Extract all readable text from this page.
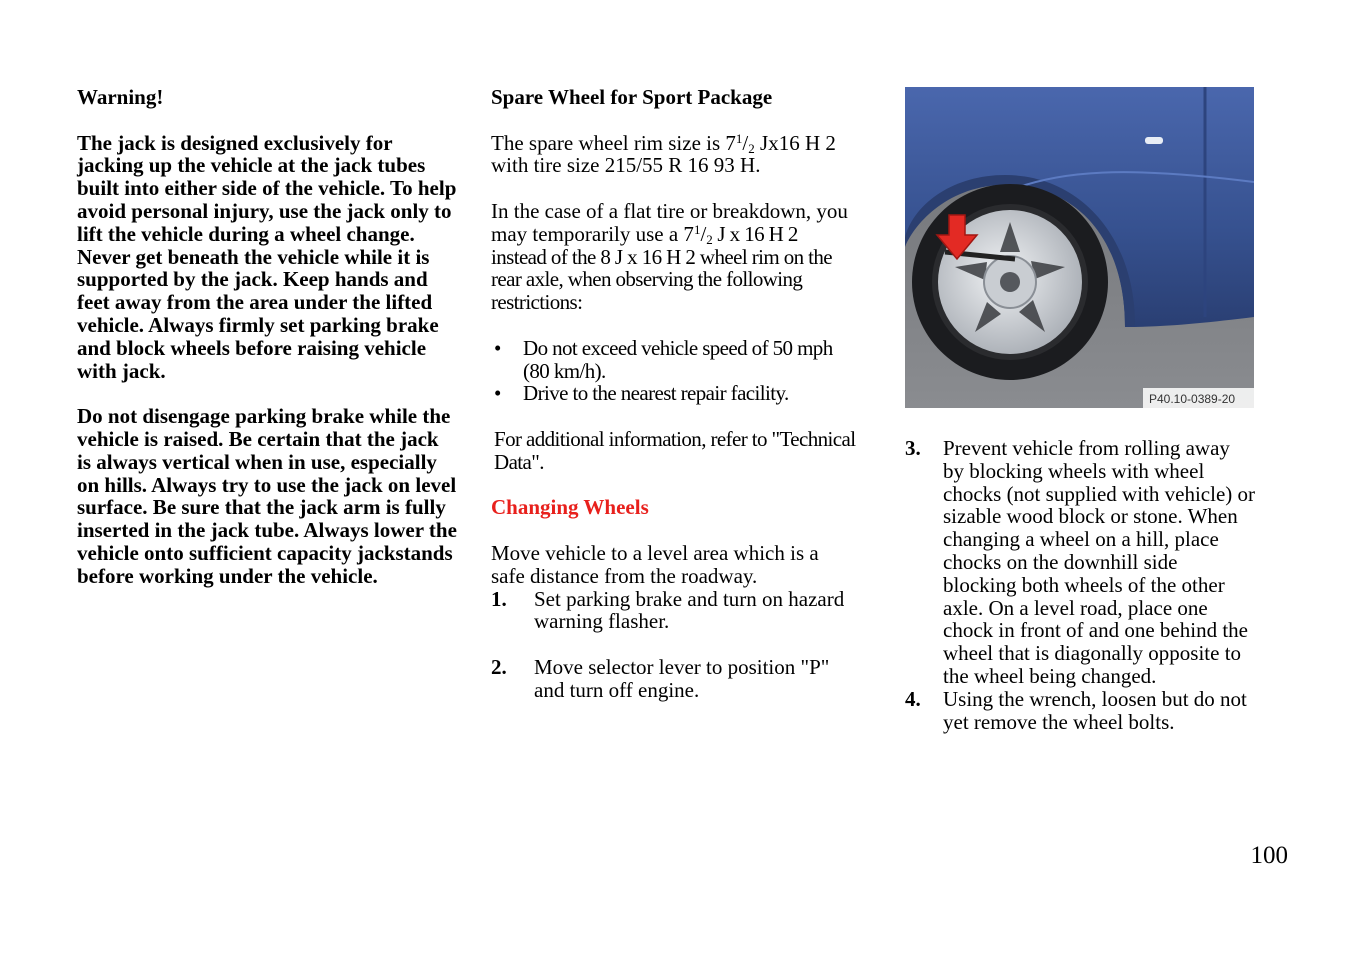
Warning!

The jack is designed exclusively for jacking up the vehicle at the jack tubes built into either side of the vehicle. To help avoid personal injury, use the jack only to lift the vehicle during a wheel change. Never get beneath the vehicle while it is supported by the jack. Keep hands and feet away from the area under the lifted vehicle. Always firmly set parking brake and block wheels before raising vehicle with jack.

Do not disengage parking brake while the vehicle is raised. Be certain that the jack is always vertical when in use, especially on hills. Always try to use the jack on level surface. Be sure that the jack arm is fully inserted in the jack tube. Always lower the vehicle onto sufficient capacity jackstands before working under the vehicle.

Spare Wheel for Sport Package

The spare wheel rim size is $7^1/_2$ Jx16 H 2 with tire size 215/55 R 16 93 H.

In the case of a flat tire or breakdown, you may temporarily use a $7^1/_2$ J x 16 H 2 instead of the 8 J x 16 H 2 wheel rim on the rear axle, when observing the following restrictions:

• Do not exceed vehicle speed of 50 mph (80 km/h).
• Drive to the nearest repair facility.

For additional information, refer to "Technical Data".

Changing Wheels

Move vehicle to a level area which is a safe distance from the roadway.

1. Set parking brake and turn on hazard warning flasher.
2. Move selector lever to position "P" and turn off engine.
P40.10-0389-20
3. Prevent vehicle from rolling away by blocking wheels with wheel chocks (not supplied with vehicle) or sizable wood block or stone. When changing a wheel on a hill, place chocks on the downhill side blocking both wheels of the other axle. On a level road, place one chock in front of and one behind the wheel that is diagonally opposite to the wheel being changed.
4. Using the wrench, loosen but do not yet remove the wheel bolts.
100
